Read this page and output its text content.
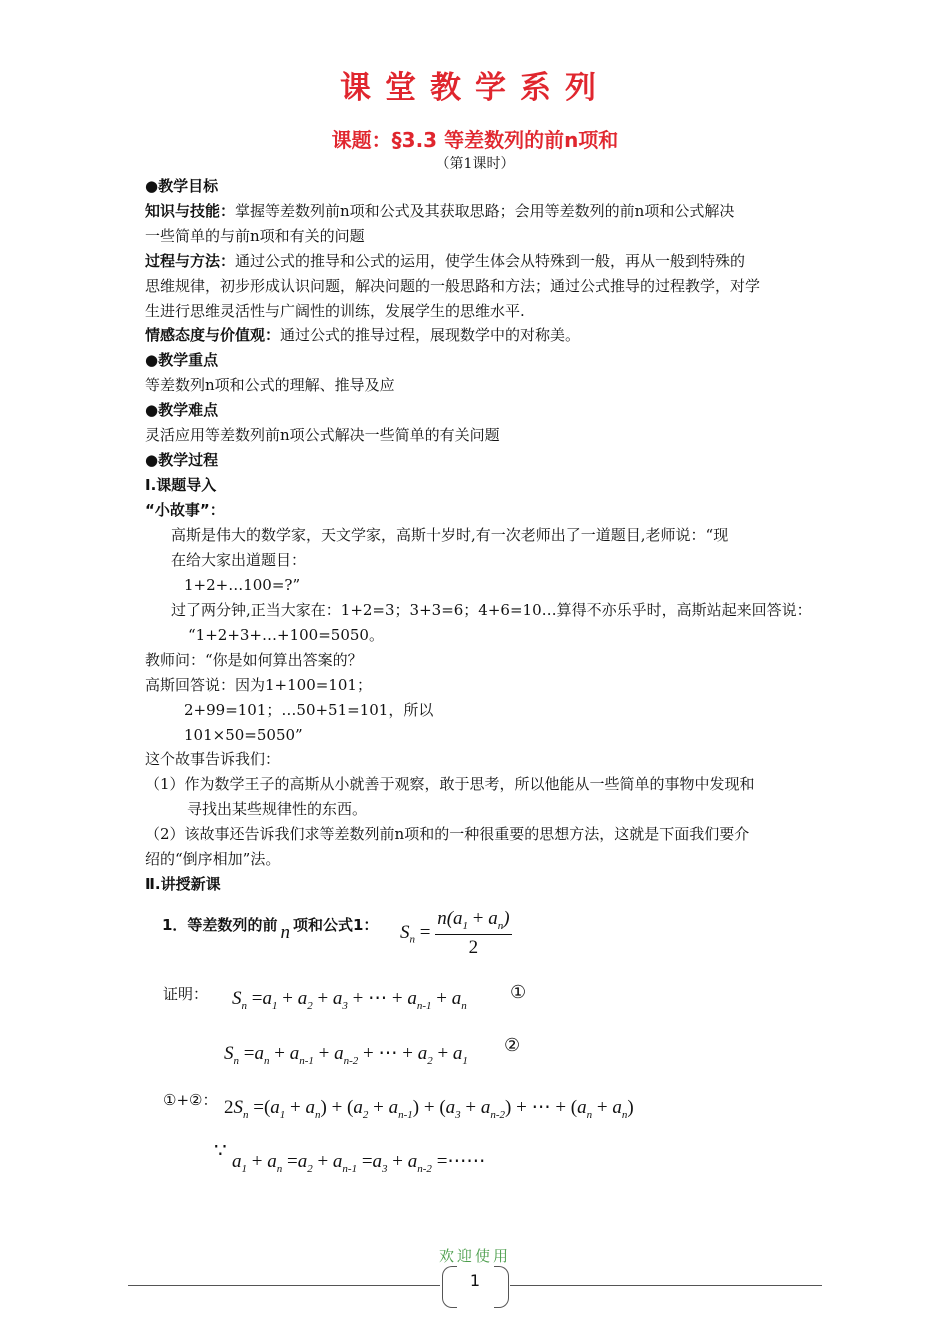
课堂教学系列
课题：§3.3 等差数列的前n项和
（第1课时）
●教学目标
知识与技能：掌握等差数列前n项和公式及其获取思路；会用等差数列的前n项和公式解决
一些简单的与前n项和有关的问题
过程与方法：通过公式的推导和公式的运用，使学生体会从特殊到一般，再从一般到特殊的
思维规律，初步形成认识问题，解决问题的一般思路和方法；通过公式推导的过程教学，对学
生进行思维灵活性与广阔性的训练，发展学生的思维水平.
情感态度与价值观：通过公式的推导过程，展现数学中的对称美。
●教学重点
等差数列n项和公式的理解、推导及应
●教学难点
灵活应用等差数列前n项公式解决一些简单的有关问题
●教学过程
Ⅰ.课题导入
“小故事”：
高斯是伟大的数学家，天文学家，高斯十岁时,有一次老师出了一道题目,老师说：“现
在给大家出道题目：
1+2+…100=?”
过了两分钟,正当大家在：1+2=3；3+3=6；4+6=10…算得不亦乐乎时，高斯站起来回答说：
“1+2+3+…+100=5050。
教师问：“你是如何算出答案的？
高斯回答说：因为1+100=101；
2+99=101；…50+51=101，所以
101×50=5050”
这个故事告诉我们：
（1）作为数学王子的高斯从小就善于观察，敢于思考，所以他能从一些简单的事物中发现和
寻找出某些规律性的东西。
（2）该故事还告诉我们求等差数列前n项和的一种很重要的思想方法，这就是下面我们要介
绍的“倒序相加”法。
Ⅱ.讲授新课
1．等差数列的前 n 项和公式1： $S_n = \frac{n(a_1 + a_n)}{2}$
证明： $S_n =a_1 + a_2 + a_3$ + ⋯ + $a_{n-1} + a_n$
①
$S_n =a_n + a_{n-1} + a_{n-2}$ + ⋯ + $a_2 + a_1$
②
①+②： $2S_n =(a_1 + a_n) + (a_2 + a_{n-1}) + (a_3 + a_{n-2})$ + ⋯ + $(a_n + a_n)$
∵ $a_1 + a_n =a_2 + a_{n-1} =a_3 + a_{n-2}$ =⋯⋯
欢迎使用
1
